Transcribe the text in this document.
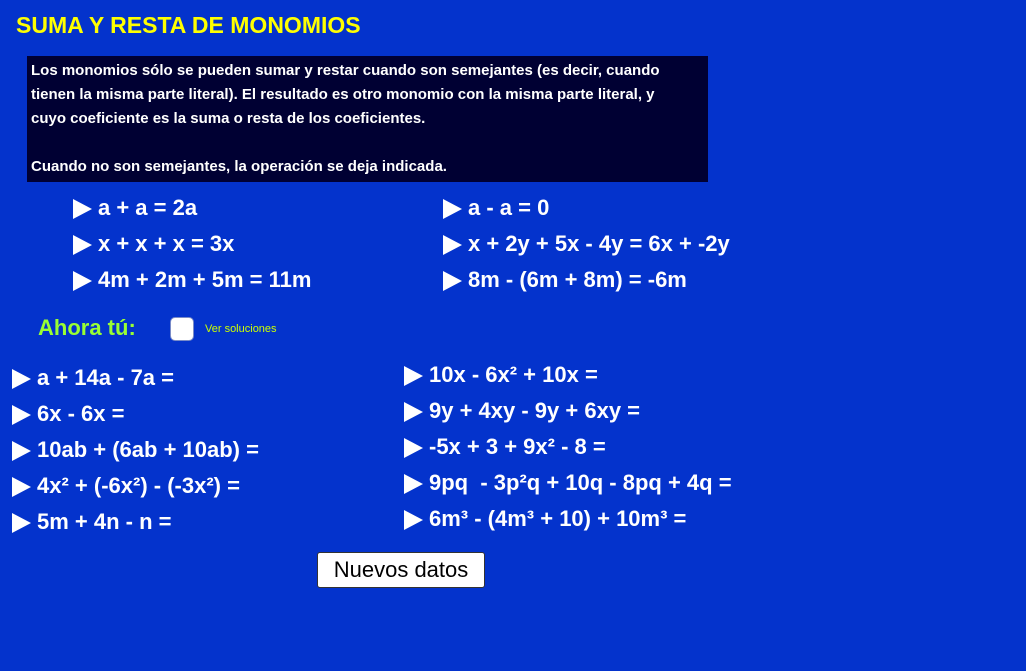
SUMA Y RESTA DE MONOMIOS
Los monomios sólo se pueden sumar y restar cuando son semejantes (es decir, cuando
tienen la misma parte literal). El resultado es otro monomio con la misma parte literal, y
cuyo coeficiente es la suma o resta de los coeficientes.
Cuando no son semejantes, la operación se deja indicada.
a + a = 2a
x + x + x = 3x
4m + 2m + 5m = 11m
a - a = 0
x + 2y + 5x - 4y = 6x + -2y
8m - (6m + 8m) = -6m
Ahora tú:	Ver soluciones
a + 14a - 7a =
6x - 6x =
10ab + (6ab + 10ab) =
4x² + (-6x²) - (-3x²) =
5m + 4n - n =
10x - 6x² + 10x =
9y + 4xy - 9y + 6xy =
-5x + 3 + 9x² - 8 =
9pq  - 3p²q + 10q - 8pq + 4q =
6m³ - (4m³ + 10) + 10m³ =
Nuevos datos
